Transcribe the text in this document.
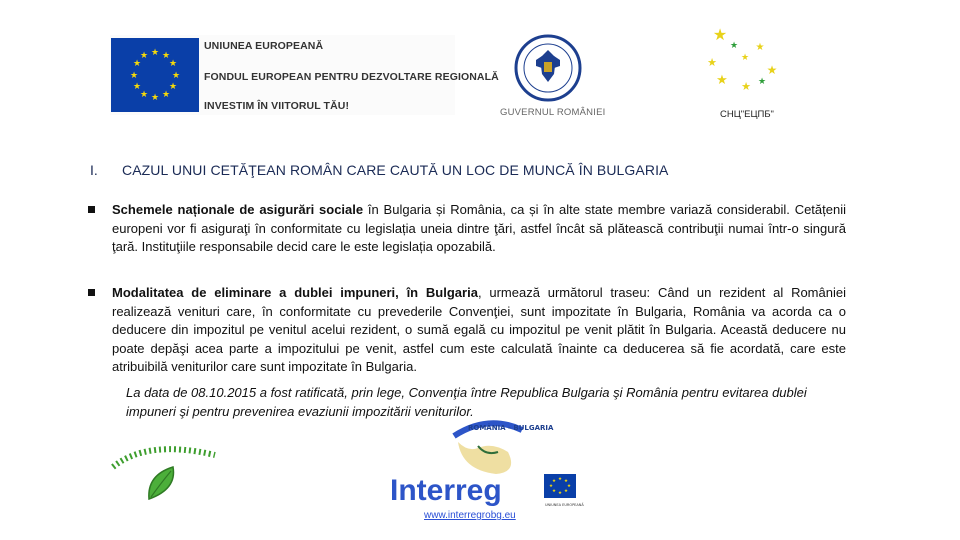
★ ★
★
★
★
★
★
★
★
★
★
★
UNIUNEA EUROPEANĂ
FONDUL EUROPEAN PENTRU DEZVOLTARE REGIONALĂ
INVESTIM ÎN VIITORUL TĂU!
GUVERNUL ROMÂNIEI
★
★
★	★
★
★ ★
★
★
СНЦ"ЕЦПБ"
I. CAZUL UNUI CETĂŢEAN ROMÂN CARE CAUTĂ UN LOC DE MUNCĂ ÎN BULGARIA
Schemele naționale de asigurări sociale în Bulgaria și România, ca și în alte state membre variază considerabil. Cetățenii europeni vor fi asiguraţi în conformitate cu legislația uneia dintre ţări, astfel încât să plătească contribuţii numai într-o singură ţară. Instituţiile responsabile decid care le este legislația opozabilă.
Modalitatea de eliminare a dublei impuneri, în Bulgaria, urmează următorul traseu: Când un rezident al României realizează venituri care, în conformitate cu prevederile Convenţiei, sunt impozitate în Bulgaria, România va acorda ca o deducere din impozitul pe venitul acelui rezident, o sumă egală cu impozitul pe venit plătit în Bulgaria. Această deducere nu poate depăşi acea parte a impozitului pe venit, astfel cum este calculată înainte ca deducerea să fie acordată, care este atribuibilă veniturilor care sunt impozitate în Bulgaria.
La data de 08.10.2015 a fost ratificată, prin lege, Convenţia între Republica Bulgaria şi România pentru evitarea dublei impuneri şi pentru prevenirea evaziunii impozitării veniturilor.
ROMÂNIA - BULGARIA
Interreg	★ ★
★
★
★
★
★
★
UNIUNEA EUROPEANĂ
www.interregrobg.eu
